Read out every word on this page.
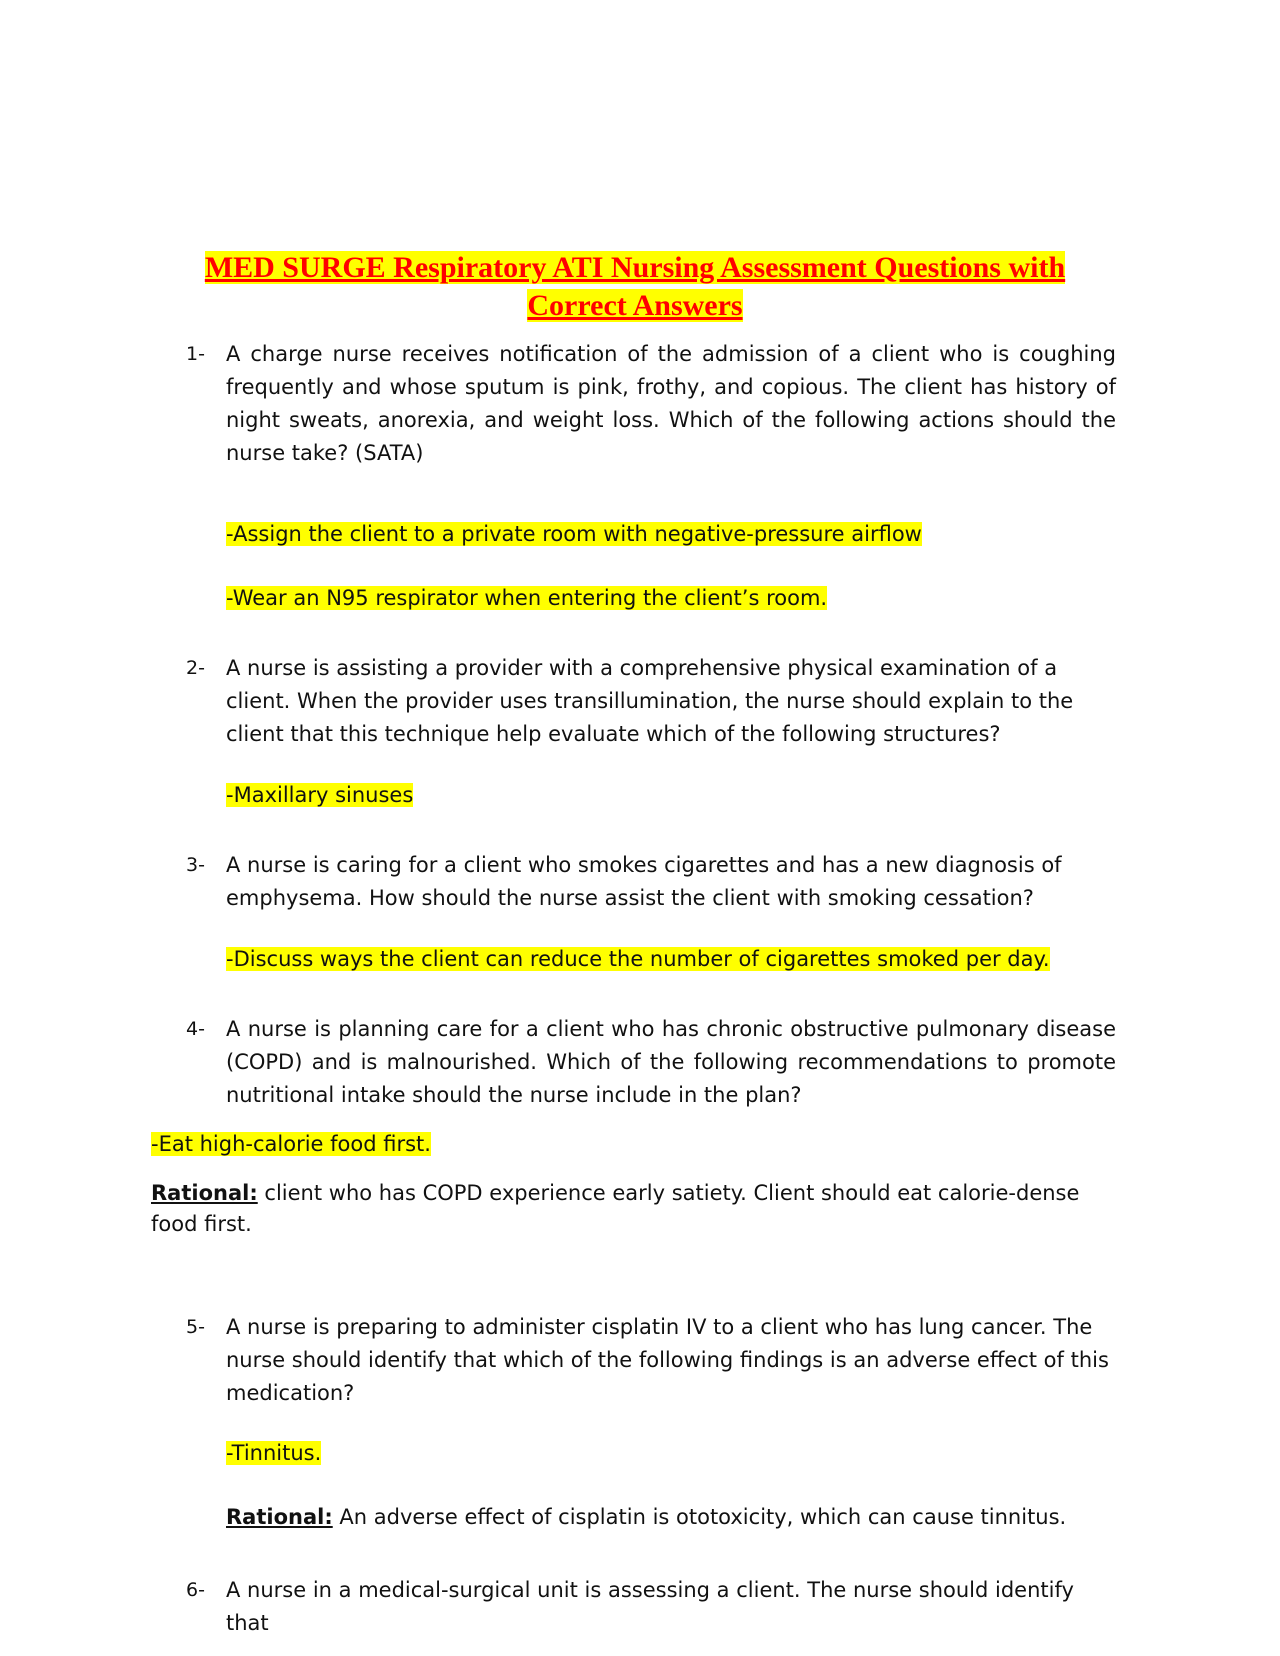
MED SURGE Respiratory ATI Nursing Assessment Questions with
Correct Answers
1-	A charge nurse receives notification of the admission of a client who is coughing frequently and whose sputum is pink, frothy, and copious. The client has history of night sweats, anorexia, and weight loss. Which of the following actions should the nurse take? (SATA)
-Assign the client to a private room with negative-pressure airflow
-Wear an N95 respirator when entering the client’s room.
2-	A nurse is assisting a provider with a comprehensive physical examination of a client. When the provider uses transillumination, the nurse should explain to the client that this technique help evaluate which of the following structures?
-Maxillary sinuses
3-	A nurse is caring for a client who smokes cigarettes and has a new diagnosis of emphysema. How should the nurse assist the client with smoking cessation?
-Discuss ways the client can reduce the number of cigarettes smoked per day.
4-	A nurse is planning care for a client who has chronic obstructive pulmonary disease (COPD) and is malnourished. Which of the following recommendations to promote nutritional intake should the nurse include in the plan?
-Eat high-calorie food first.
Rational: client who has COPD experience early satiety. Client should eat calorie-dense food first.
5-	A nurse is preparing to administer cisplatin IV to a client who has lung cancer. The nurse should identify that which of the following findings is an adverse effect of this medication?
-Tinnitus.
Rational: An adverse effect of cisplatin is ototoxicity, which can cause tinnitus.
6-	A nurse in a medical-surgical unit is assessing a client. The nurse should identify that
